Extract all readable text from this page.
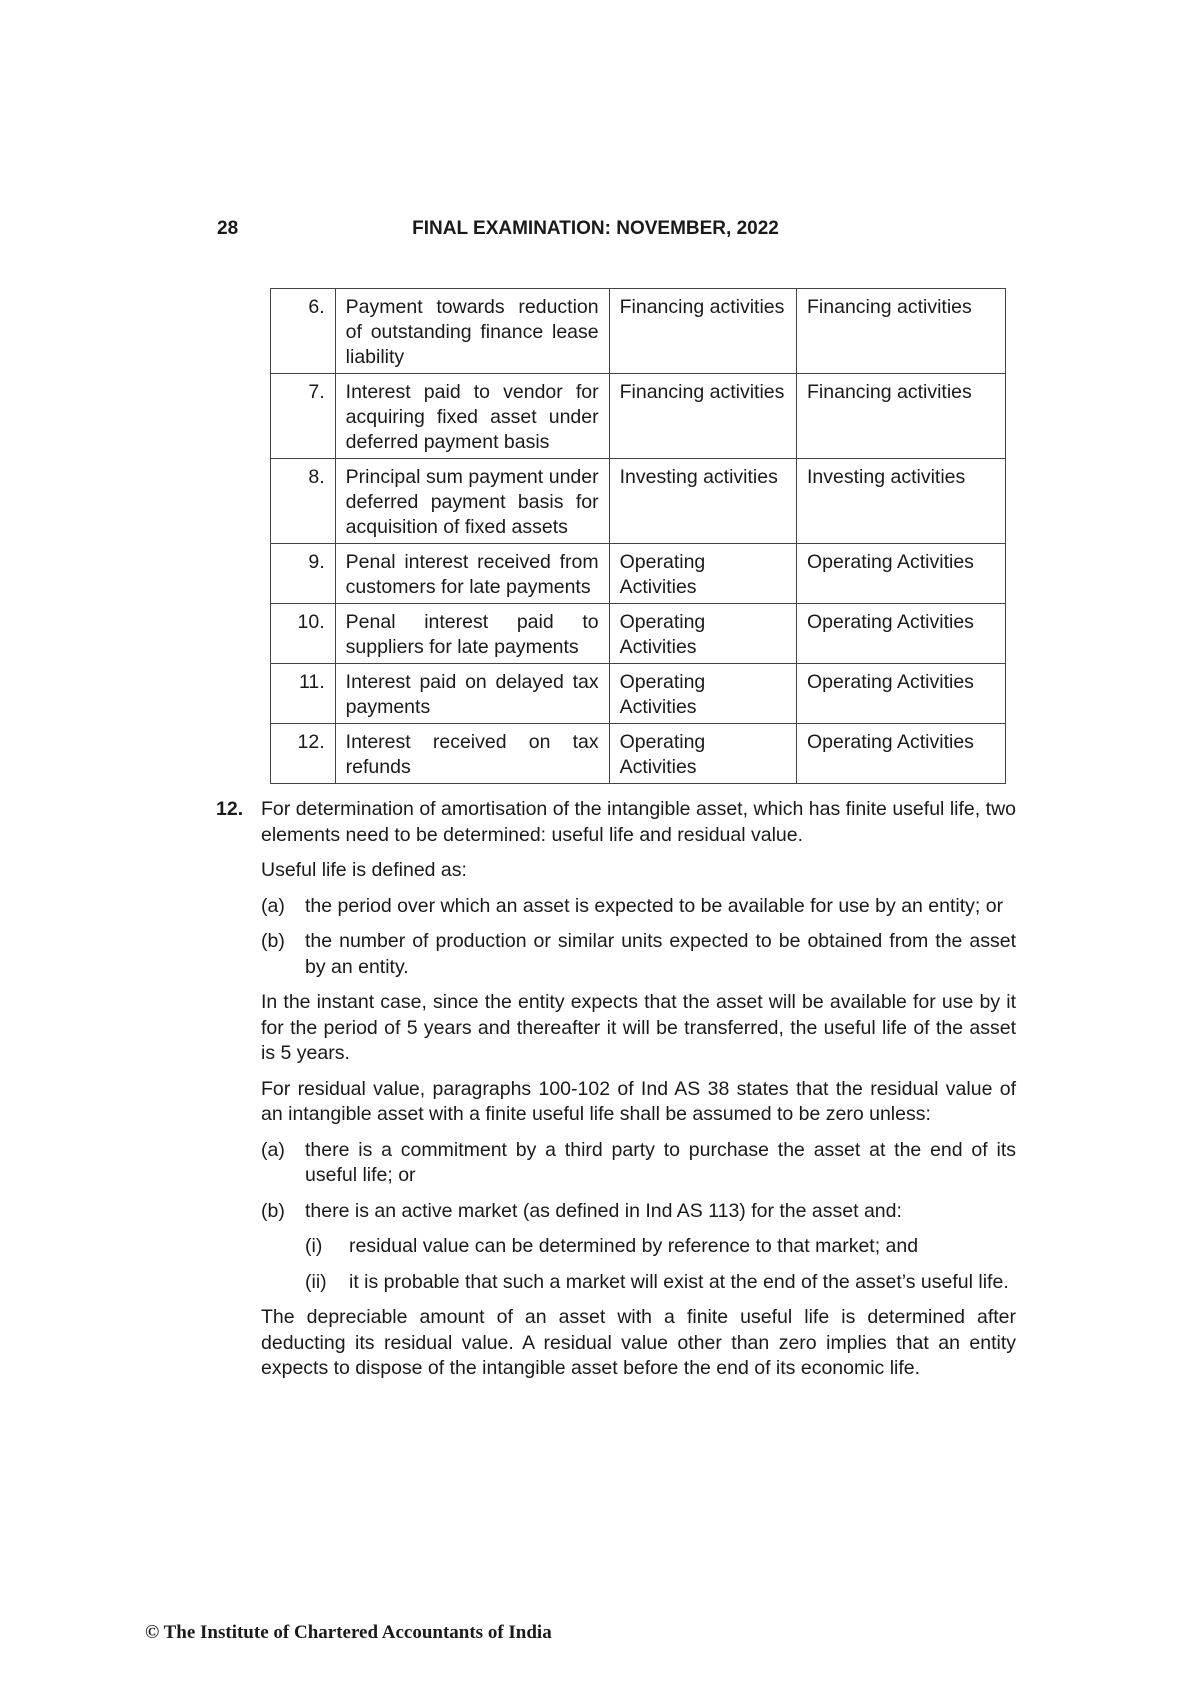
28	FINAL EXAMINATION: NOVEMBER, 2022
6.	Payment towards reduction of outstanding finance lease liability	Financing activities	Financing activities
7.	Interest paid to vendor for acquiring fixed asset under deferred payment basis	Financing activities	Financing activities
8.	Principal sum payment under deferred payment basis for acquisition of fixed assets	Investing activities	Investing activities
9.	Penal interest received from customers for late payments	Operating Activities	Operating Activities
10.	Penal interest paid to suppliers for late payments	Operating Activities	Operating Activities
11.	Interest paid on delayed tax payments	Operating Activities	Operating Activities
12.	Interest received on tax refunds	Operating Activities	Operating Activities
12. For determination of amortisation of the intangible asset, which has finite useful life, two elements need to be determined: useful life and residual value.
Useful life is defined as:
(a)	the period over which an asset is expected to be available for use by an entity; or
(b)	the number of production or similar units expected to be obtained from the asset by an entity.
In the instant case, since the entity expects that the asset will be available for use by it for the period of 5 years and thereafter it will be transferred, the useful life of the asset is 5 years.
For residual value, paragraphs 100-102 of Ind AS 38 states that the residual value of an intangible asset with a finite useful life shall be assumed to be zero unless:
(a)	there is a commitment by a third party to purchase the asset at the end of its useful life; or
(b)	there is an active market (as defined in Ind AS 113) for the asset and:
(i)	residual value can be determined by reference to that market; and
(ii)	it is probable that such a market will exist at the end of the asset’s useful life.
The depreciable amount of an asset with a finite useful life is determined after deducting its residual value. A residual value other than zero implies that an entity expects to dispose of the intangible asset before the end of its economic life.
© The Institute of Chartered Accountants of India
